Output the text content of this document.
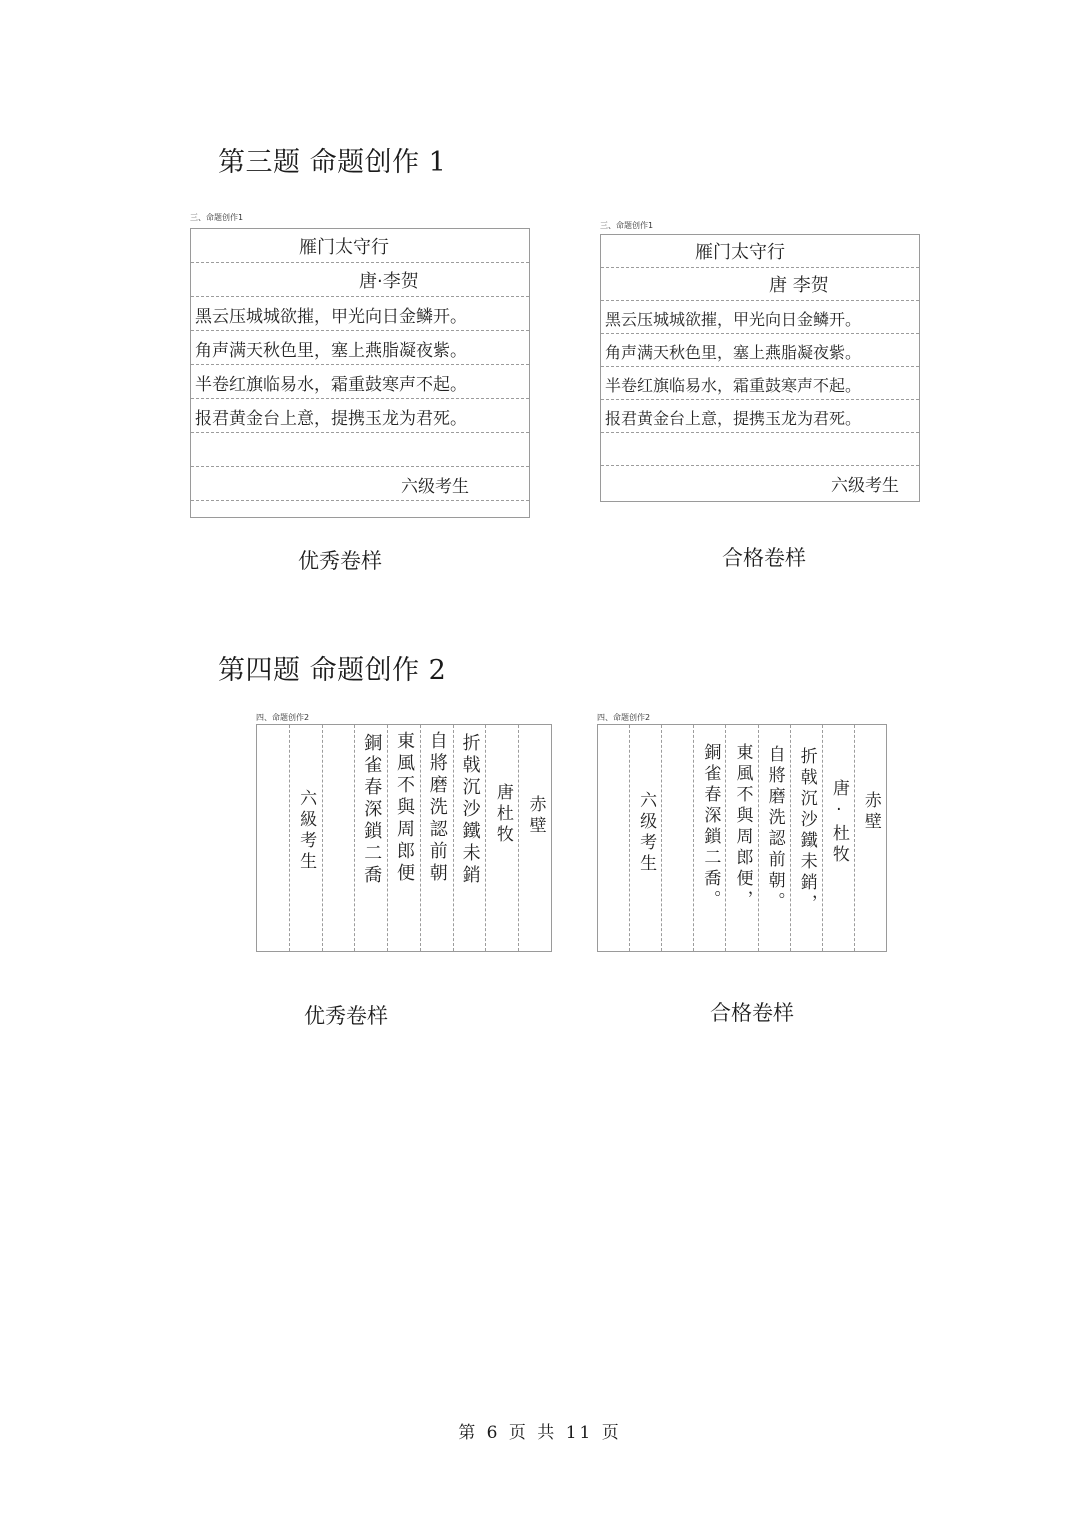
第三题 命题创作 1
三、命题创作1
雁门太守行
唐·李贺
黑云压城城欲摧，甲光向日金鳞开。
角声满天秋色里，塞上燕脂凝夜紫。
半卷红旗临易水，霜重鼓寒声不起。
报君黄金台上意，提携玉龙为君死。
六级考生
优秀卷样
三、命题创作1
雁门太守行
唐 李贺
黑云压城城欲摧，甲光向日金鳞开。
角声满天秋色里，塞上燕脂凝夜紫。
半卷红旗临易水，霜重鼓寒声不起。
报君黄金台上意，提携玉龙为君死。
六级考生
合格卷样
第四题 命题创作 2
四、命题创作2
六級考生	銅雀春深鎖二喬 東風不與周郎便 自將磨洗認前朝 折戟沉沙鐵未銷 唐杜牧 赤壁
优秀卷样
四、命题创作2
六级考生	銅雀春深鎖二喬。 東風不與周郎便， 自將磨洗認前朝。 折戟沉沙鐵未銷， 唐·杜牧 赤壁
合格卷样
第 6 页 共 11 页
